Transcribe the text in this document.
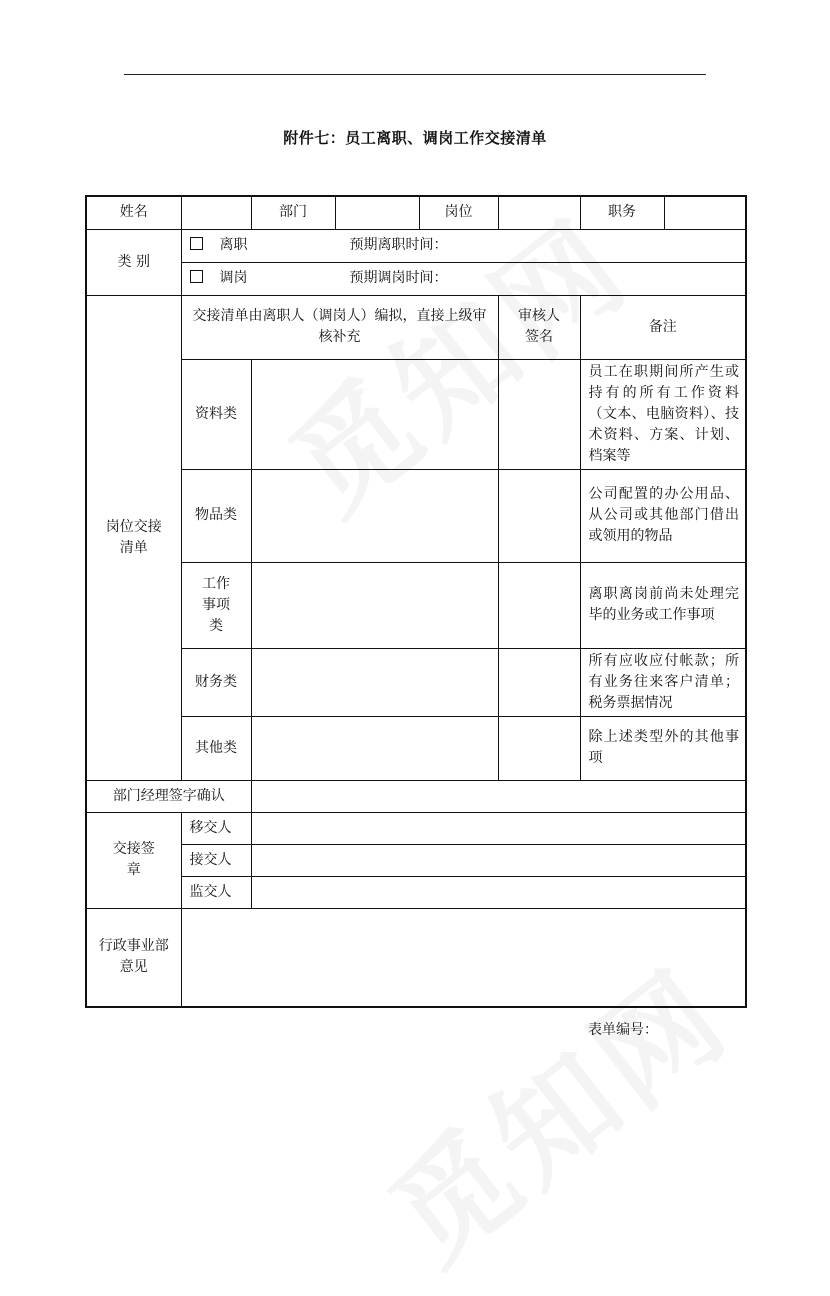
附件七：员工离职、调岗工作交接清单
姓名		部门		岗位		职务	
类 别	离职 预期离职时间：						
	调岗 预期调岗时间：						
岗位交接清单	交接清单由离职人（调岗人）编拟，直接上级审核补充				审核人签名	备注	
	资料类					员工在职期间所产生或持有的所有工作资料（文本、电脑资料）、技术资料、方案、计划、档案等	
	物品类					公司配置的办公用品、从公司或其他部门借出或领用的物品	
	工作事项类					离职离岗前尚未处理完毕的业务或工作事项	
	财务类					所有应收应付帐款；所有业务往来客户清单；税务票据情况	
	其他类					除上述类型外的其他事项	
部门经理签字确认							
交接签章	移交人						
	接交人						
	监交人						
行政事业部意见							
表单编号：
